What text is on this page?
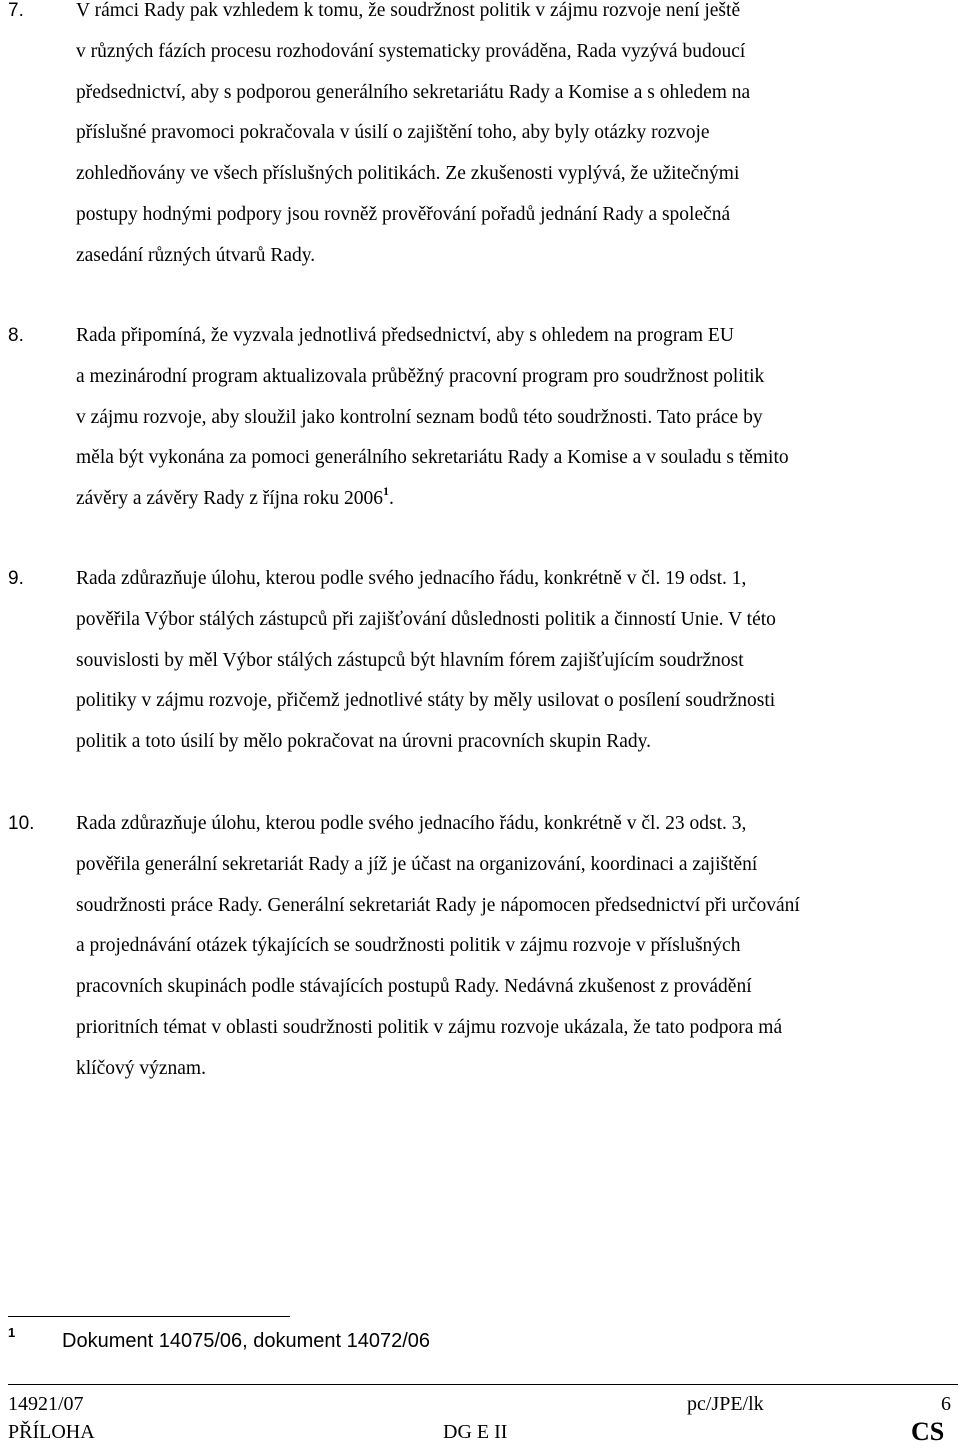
7.	V rámci Rady pak vzhledem k tomu, že soudržnost politik v zájmu rozvoje není ještě
v různých fázích procesu rozhodování systematicky prováděna, Rada vyzývá budoucí
předsednictví, aby s podporou generálního sekretariátu Rady a Komise a s ohledem na
příslušné pravomoci pokračovala v úsilí o zajištění toho, aby byly otázky rozvoje
zohledňovány ve všech příslušných politikách. Ze zkušenosti vyplývá, že užitečnými
postupy hodnými podpory jsou rovněž prověřování pořadů jednání Rady a společná
zasedání různých útvarů Rady.
8.	Rada připomíná, že vyzvala jednotlivá předsednictví, aby s ohledem na program EU
a mezinárodní program aktualizovala průběžný pracovní program pro soudržnost politik
v zájmu rozvoje, aby sloužil jako kontrolní seznam bodů této soudržnosti. Tato práce by
měla být vykonána za pomoci generálního sekretariátu Rady a Komise a v souladu s těmito
závěry a závěry Rady z října roku 2006$^1$.
9.	Rada zdůrazňuje úlohu, kterou podle svého jednacího řádu, konkrétně v čl. 19 odst. 1,
pověřila Výbor stálých zástupců při zajišťování důslednosti politik a činností Unie. V této
souvislosti by měl Výbor stálých zástupců být hlavním fórem zajišťujícím soudržnost
politiky v zájmu rozvoje, přičemž jednotlivé státy by měly usilovat o posílení soudržnosti
politik a toto úsilí by mělo pokračovat na úrovni pracovních skupin Rady.
10. Rada zdůrazňuje úlohu, kterou podle svého jednacího řádu, konkrétně v čl. 23 odst. 3,
pověřila generální sekretariát Rady a jíž je účast na organizování, koordinaci a zajištění
soudržnosti práce Rady. Generální sekretariát Rady je nápomocen předsednictví při určování
a projednávání otázek týkajících se soudržnosti politik v zájmu rozvoje v příslušných
pracovních skupinách podle stávajících postupů Rady. Nedávná zkušenost z provádění
prioritních témat v oblasti soudržnosti politik v zájmu rozvoje ukázala, že tato podpora má
klíčový význam.
1 Dokument 14075/06, dokument 14072/06
14921/07	pc/JPE/lk	6
PŘÍLOHA	DG E II	CS
